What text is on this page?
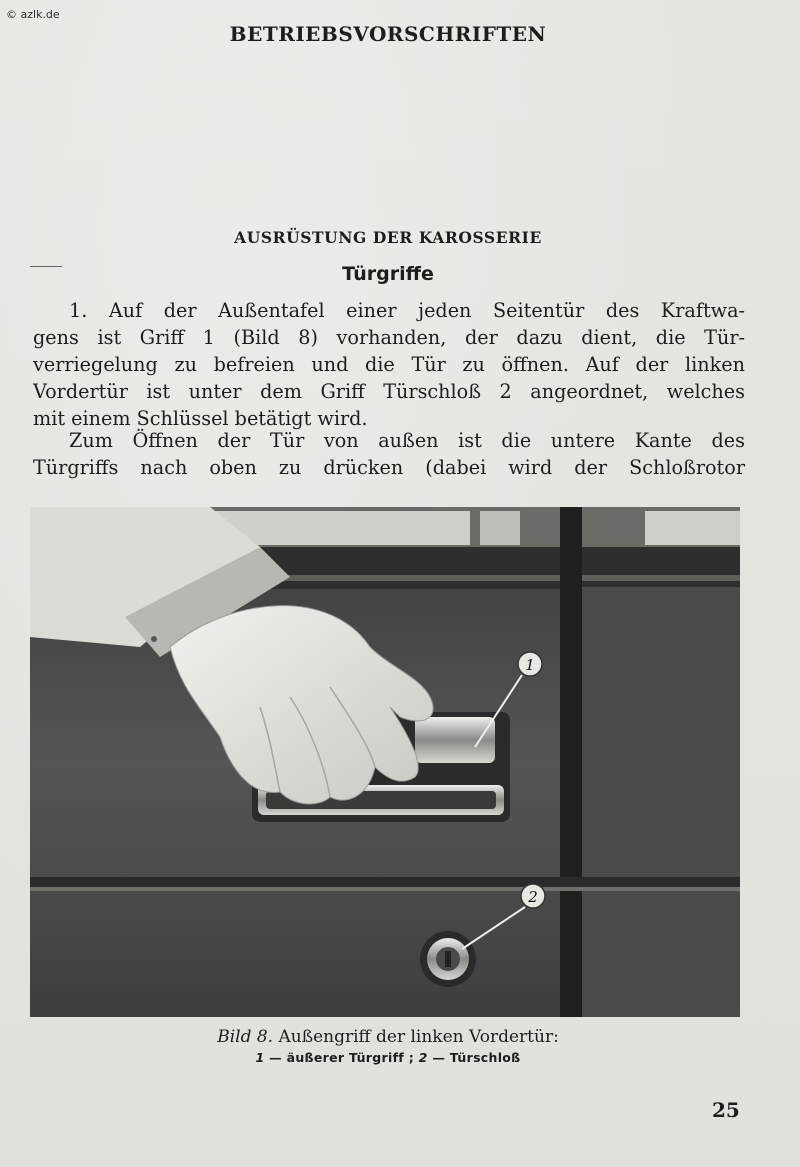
© azlk.de
BETRIEBSVORSCHRIFTEN
AUSRÜSTUNG DER KAROSSERIE
Türgriffe

1. Auf der Außentafel einer jeden Seitentür des Kraftwa-
gens ist Griff 1 (Bild 8) vorhanden, der dazu dient, die Tür-
verriegelung zu befreien und die Tür zu öffnen. Auf der linken
Vordertür ist unter dem Griff Türschloß 2 angeordnet, welches
mit einem Schlüssel betätigt wird.

Zum Öffnen der Tür von außen ist die untere Kante des
Türgriffs nach oben zu drücken (dabei wird der Schloßrotor

1
2
Bild 8. Außengriff der linken Vordertür:
1 — äußerer Türgriff ; 2 — Türschloß
25
